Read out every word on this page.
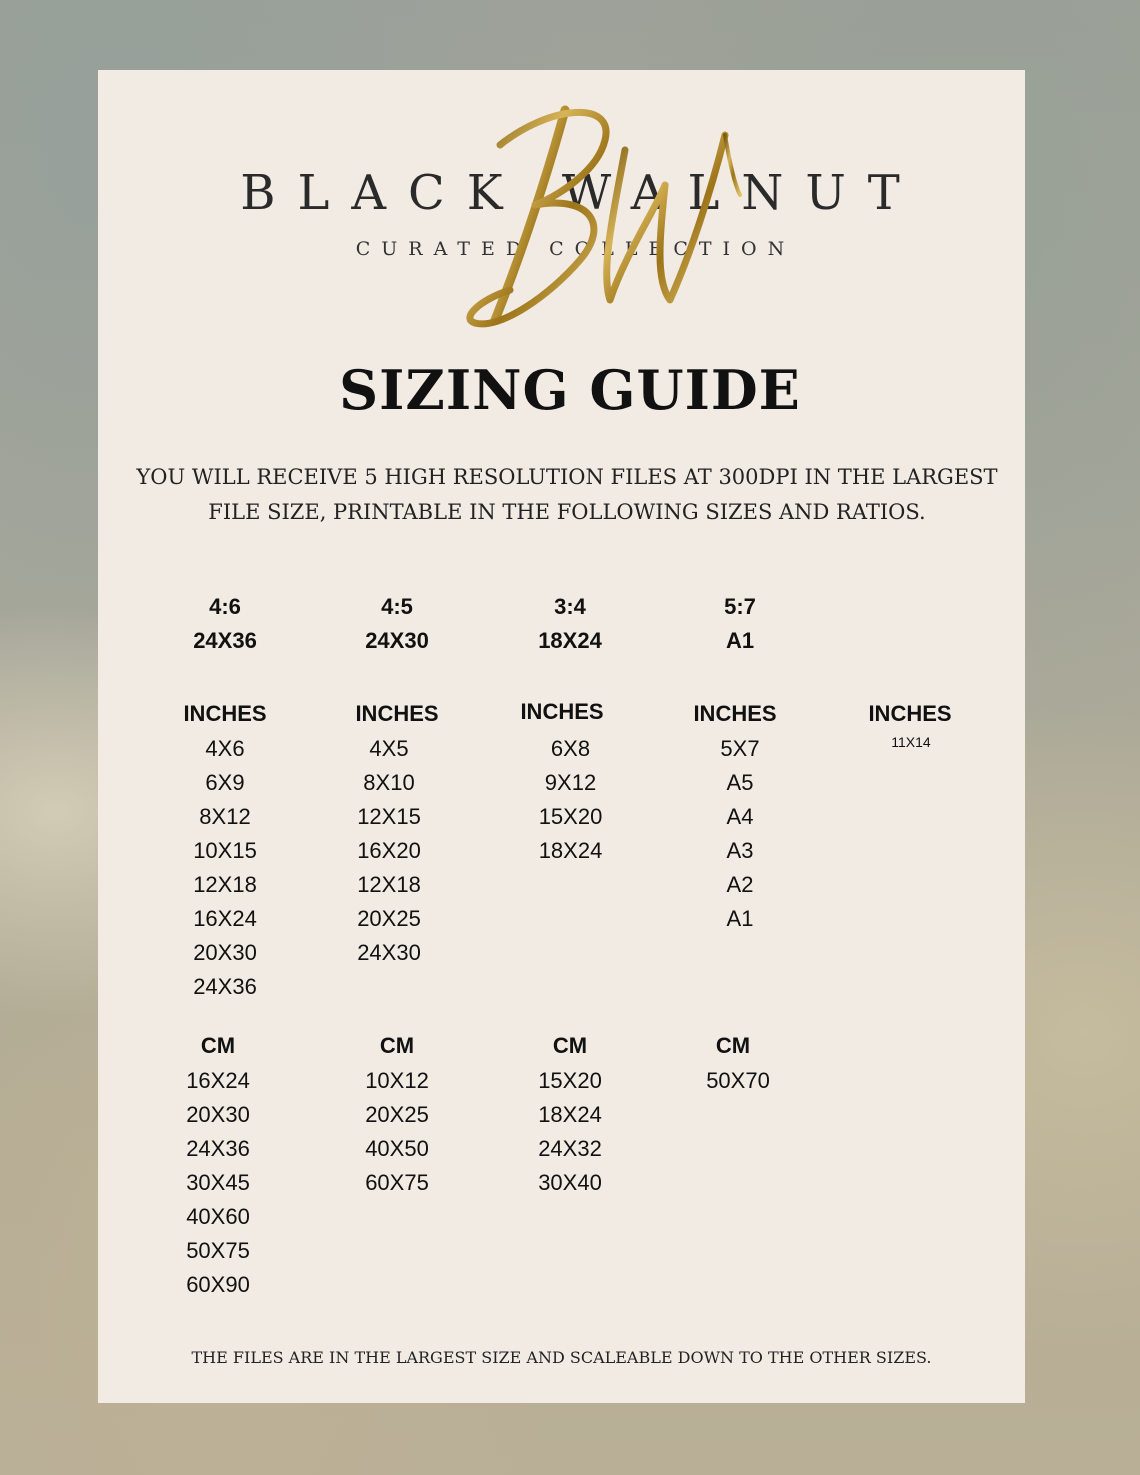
BLACK WALNUT
CURATED COLLECTION
SIZING GUIDE
YOU WILL RECEIVE 5 HIGH RESOLUTION FILES AT 300DPI IN THE LARGEST FILE SIZE, PRINTABLE IN THE FOLLOWING SIZES AND RATIOS.
4:6
24X36
INCHES
4X6
6X9
8X12
10X15
12X18
16X24
20X30
24X36
CM
16X24
20X30
24X36
30X45
40X60
50X75
60X90
4:5
24X30
INCHES
4X5
8X10
12X15
16X20
12X18
20X25
24X30
CM
10X12
20X25
40X50
60X75
3:4
18X24
INCHES
6X8
9X12
15X20
18X24
CM
15X20
18X24
24X32
30X40
5:7
A1
INCHES
5X7
A5
A4
A3
A2
A1
CM
50X70
INCHES
11X14
THE FILES ARE IN THE LARGEST SIZE AND SCALEABLE DOWN TO THE OTHER SIZES.
